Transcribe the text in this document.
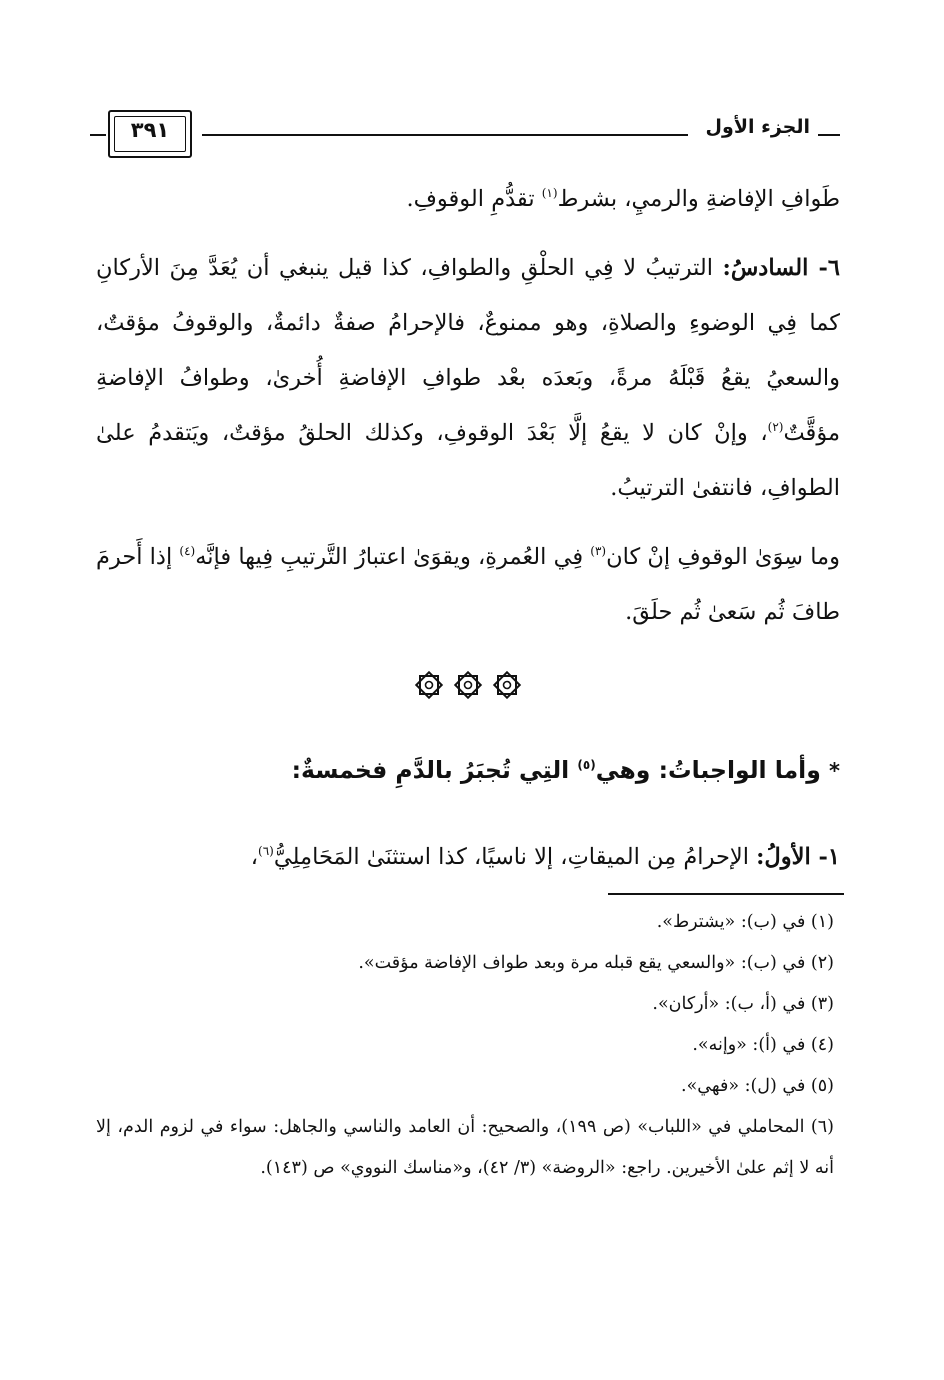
الجزء الأول
٣٩١

طَوافِ الإفاضةِ والرميِ، بشرط$^{(١)}$ تقدُّمِ الوقوفِ.

٦- السادسُ: الترتيبُ لا فِي الحلْقِ والطوافِ، كذا قيل ينبغي أن يُعَدَّ مِنَ الأركانِ كما فِي الوضوءِ والصلاةِ، وهو ممنوعٌ، فالإحرامُ صفةٌ دائمةٌ، والوقوفُ مؤقتٌ، والسعيُ يقعُ قَبْلَهُ مرةً، وبَعدَه بعْد طوافِ الإفاضةِ أُخرىٰ، وطوافُ الإفاضةِ مؤقَّتٌ$^{(٢)}$، وإنْ كان لا يقعُ إلَّا بَعْدَ الوقوفِ، وكذلك الحلقُ مؤقتٌ، ويَتقدمُ علىٰ الطوافِ، فانتفىٰ الترتيبُ.

وما سِوَىٰ الوقوفِ إنْ كان$^{(٣)}$ فِي العُمرةِ، ويقوَىٰ اعتبارُ التَّرتيبِ فِيها فإنَّه$^{(٤)}$ إذا أَحرمَ طافَ ثُم سَعىٰ ثُم حلَقَ.

* وأما الواجباتُ: وهي$^{(٥)}$ التِي تُجبَرُ بالدَّمِ فخمسةٌ:

١- الأولُ: الإحرامُ مِن الميقاتِ، إلا ناسيًا، كذا استثنَىٰ المَحَامِلِيُّ$^{(٦)}$،

(١) في (ب): «يشترط».

(٢) في (ب): «والسعي يقع قبله مرة وبعد طواف الإفاضة مؤقت».

(٣) في (أ، ب): «أركان».

(٤) في (أ): «وإنه».

(٥) في (ل): «فهي».

(٦) المحاملي في «اللباب» (ص ١٩٩)، والصحيح: أن العامد والناسي والجاهل: سواء في لزوم الدم، إلا أنه لا إثم علىٰ الأخيرين. راجع: «الروضة» (٣/ ٤٢)، و«مناسك النووي» ص (١٤٣).
